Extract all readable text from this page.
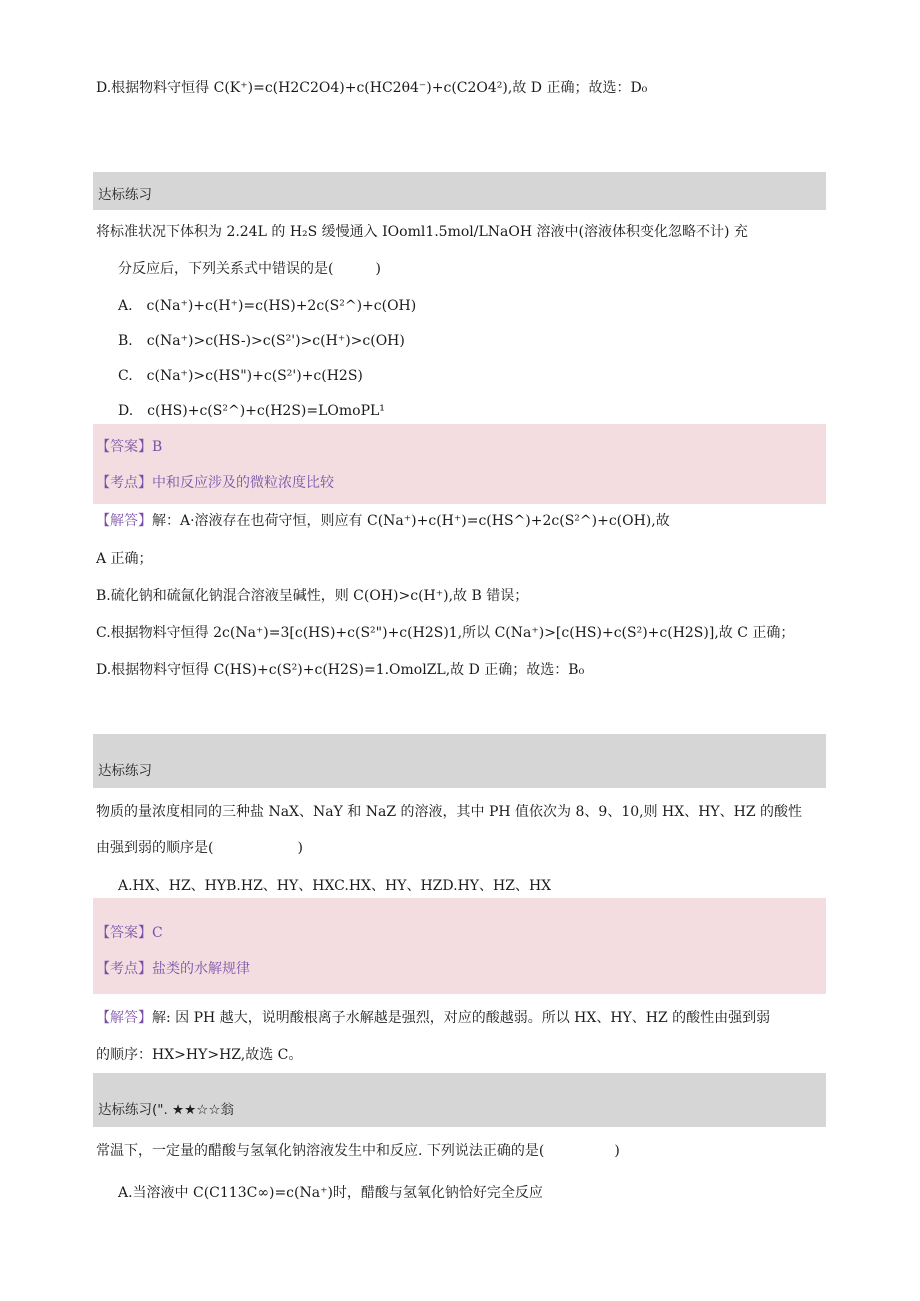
D.根据物料守恒得 C(K⁺)=c(H2C2O4)+c(HC2θ4⁻)+c(C2O4²),故 D 正确；故选：D₀
达标练习
将标准状况下体积为 2.24L 的 H₂S 缓慢通入 IOoml1.5mol/LNaOH 溶液中(溶液体积变化忽略不计) 充
分反应后，下列关系式中错误的是(　　　)
A.　c(Na⁺)+c(H⁺)=c(HS)+2c(S²^)+c(OH)
B.　c(Na⁺)>c(HS-)>c(S²')>c(H⁺)>c(OH)
C.　c(Na⁺)>c(HS")+c(S²')+c(H2S)
D.　c(HS)+c(S²^)+c(H2S)=LOmoPL¹
【答案】B
【考点】中和反应涉及的微粒浓度比较
【解答】解：A·溶液存在也荷守恒，则应有 C(Na⁺)+c(H⁺)=c(HS^)+2c(S²^)+c(OH),故
A 正确；
B.硫化钠和硫氤化钠混合溶液呈碱性，则 C(OH)>c(H⁺),故 B 错误；
C.根据物料守恒得 2c(Na⁺)=3[c(HS)+c(S²")+c(H2S)1,所以 C(Na⁺)>[c(HS)+c(S²)+c(H2S)],故 C 正确；
D.根据物料守恒得 C(HS)+c(S²)+c(H2S)=1.OmolZL,故 D 正确；故选：B₀
达标练习
物质的量浓度相同的三种盐 NaX、NaY 和 NaZ 的溶液，其中 PH 值依次为 8、9、10,则 HX、HY、HZ 的酸性
由强到弱的顺序是(　　　　　　)
A.HX、HZ、HYB.HZ、HY、HXC.HX、HY、HZD.HY、HZ、HX
【答案】C
【考点】盐类的水解规律
【解答】解: 因 PH 越大，说明酸根离子水解越是强烈，对应的酸越弱。所以 HX、HY、HZ 的酸性由强到弱
的顺序：HX>HY>HZ,故选 C。
达标练习(". ★★☆☆翁
常温下，一定量的醋酸与氢氧化钠溶液发生中和反应. 下列说法正确的是(　　　　　)
A.当溶液中 C(C113C∞)=c(Na⁺)时，醋酸与氢氧化钠恰好完全反应
